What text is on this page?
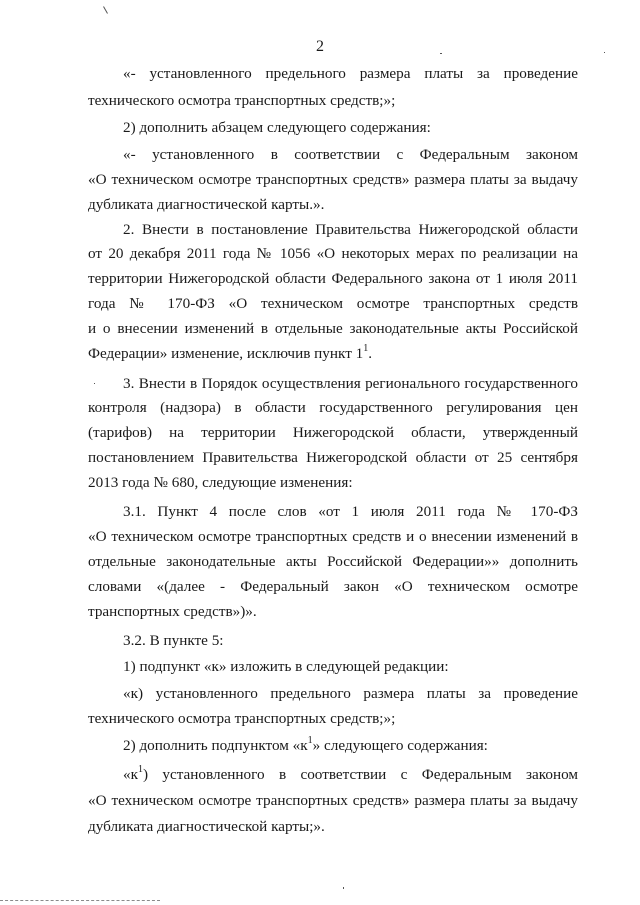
2
«- установленного предельного размера платы за проведение
технического осмотра транспортных средств;»;
2) дополнить абзацем следующего содержания:
«- установленного в соответствии с Федеральным законом
«О техническом осмотре транспортных средств» размера платы за выдачу
дубликата диагностической карты.».
2. Внести в постановление Правительства Нижегородской области
от 20 декабря 2011 года № 1056 «О некоторых мерах по реализации на
территории Нижегородской области Федерального закона от 1 июля 2011
года № 170-ФЗ «О техническом осмотре транспортных средств
и о внесении изменений в отдельные законодательные акты Российской
Федерации» изменение, исключив пункт $1^1$.
3. Внести в Порядок осуществления регионального государственного
контроля (надзора) в области государственного регулирования цен
(тарифов) на территории Нижегородской области, утвержденный
постановлением Правительства Нижегородской области от 25 сентября
2013 года № 680, следующие изменения:
3.1. Пункт 4 после слов «от 1 июля 2011 года № 170-ФЗ
«О техническом осмотре транспортных средств и о внесении изменений в
отдельные законодательные акты Российской Федерации»» дополнить
словами «(далее - Федеральный закон «О техническом осмотре
транспортных средств»)».
3.2. В пункте 5:
1) подпункт «к» изложить в следующей редакции:
«к) установленного предельного размера платы за проведение
технического осмотра транспортных средств;»;
2) дополнить подпунктом «$к^1$» следующего содержания:
«$к^1$) установленного в соответствии с Федеральным законом
«О техническом осмотре транспортных средств» размера платы за выдачу
дубликата диагностической карты;».
